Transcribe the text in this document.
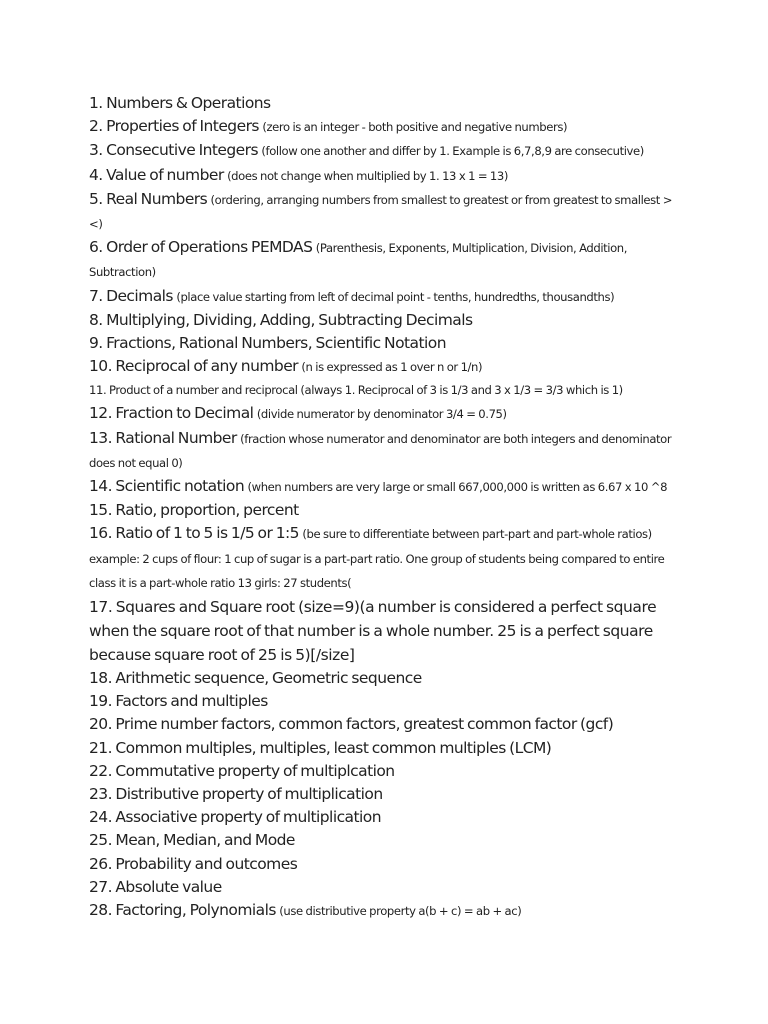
1. Numbers & Operations
2. Properties of Integers (zero is an integer - both positive and negative numbers)
3. Consecutive Integers (follow one another and differ by 1. Example is 6,7,8,9 are consecutive)
4. Value of number (does not change when multiplied by 1. 13 x 1 = 13)
5. Real Numbers (ordering, arranging numbers from smallest to greatest or from greatest to smallest > <)
6. Order of Operations PEMDAS (Parenthesis, Exponents, Multiplication, Division, Addition, Subtraction)
7. Decimals (place value starting from left of decimal point - tenths, hundredths, thousandths)
8. Multiplying, Dividing, Adding, Subtracting Decimals
9. Fractions, Rational Numbers, Scientific Notation
10. Reciprocal of any number (n is expressed as 1 over n or 1/n)
11. Product of a number and reciprocal (always 1. Reciprocal of 3 is 1/3 and 3 x 1/3 = 3/3 which is 1)
12. Fraction to Decimal (divide numerator by denominator 3/4 = 0.75)
13. Rational Number (fraction whose numerator and denominator are both integers and denominator does not equal 0)
14. Scientific notation (when numbers are very large or small 667,000,000 is written as 6.67 x 10 ^8
15. Ratio, proportion, percent
16. Ratio of 1 to 5 is 1/5 or 1:5 (be sure to differentiate between part-part and part-whole ratios) example: 2 cups of flour: 1 cup of sugar is a part-part ratio. One group of students being compared to entire class it is a part-whole ratio 13 girls: 27 students(
17. Squares and Square root (size=9)(a number is considered a perfect square when the square root of that number is a whole number. 25 is a perfect square because square root of 25 is 5)[/size]
18. Arithmetic sequence, Geometric sequence
19. Factors and multiples
20. Prime number factors, common factors, greatest common factor (gcf)
21. Common multiples, multiples, least common multiples (LCM)
22. Commutative property of multiplcation
23. Distributive property of multiplication
24. Associative property of multiplication
25. Mean, Median, and Mode
26. Probability and outcomes
27. Absolute value
28. Factoring, Polynomials (use distributive property a(b + c) = ab + ac)
